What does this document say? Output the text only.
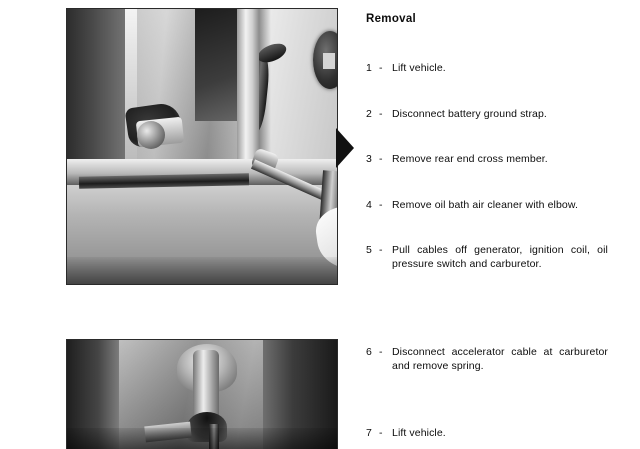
Removal
1 - Lift vehicle.
2 - Disconnect battery ground strap.
3 - Remove rear end cross member.
4 - Remove oil bath air cleaner with elbow.
5 - Pull cables off generator, ignition coil, oil pressure switch and carburetor.
6 - Disconnect accelerator cable at carburetor and remove spring.
7 - Lift vehicle.
